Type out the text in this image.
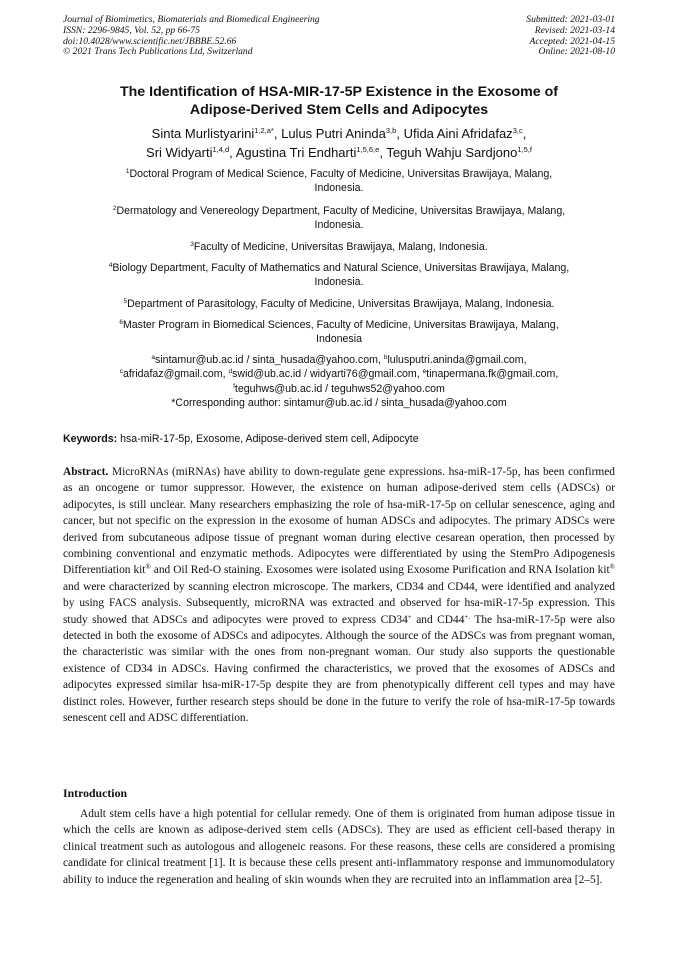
Journal of Biomimetics, Biomaterials and Biomedical Engineering
ISSN: 2296-9845, Vol. 52, pp 66-75
doi:10.4028/www.scientific.net/JBBBE.52.66
© 2021 Trans Tech Publications Ltd, Switzerland
Submitted: 2021-03-01
Revised: 2021-03-14
Accepted: 2021-04-15
Online: 2021-08-10
The Identification of HSA-MIR-17-5P Existence in the Exosome of
Adipose-Derived Stem Cells and Adipocytes
Sinta Murlistyarini$^{1,2,a*}$, Lulus Putri Aninda$^{3,b}$, Ufida Aini Afridafaz$^{3,c}$,
Sri Widyarti$^{1,4,d}$, Agustina Tri Endharti$^{1,5,6,e}$, Teguh Wahju Sardjono$^{1,5,f}$
$^1$Doctoral Program of Medical Science, Faculty of Medicine, Universitas Brawijaya, Malang,
Indonesia.
$^2$Dermatology and Venereology Department, Faculty of Medicine, Universitas Brawijaya, Malang,
Indonesia.
$^3$Faculty of Medicine, Universitas Brawijaya, Malang, Indonesia.
$^4$Biology Department, Faculty of Mathematics and Natural Science, Universitas Brawijaya, Malang,
Indonesia.
$^5$Department of Parasitology, Faculty of Medicine, Universitas Brawijaya, Malang, Indonesia.
$^6$Master Program in Biomedical Sciences, Faculty of Medicine, Universitas Brawijaya, Malang,
Indonesia
$^a$sintamur@ub.ac.id / sinta_husada@yahoo.com, $^b$lulusputri.aninda@gmail.com,
$^c$afridafaz@gmail.com, $^d$swid@ub.ac.id / widyarti76@gmail.com, $^e$tinapermana.fk@gmail.com,
$^f$teguhws@ub.ac.id / teguhws52@yahoo.com
*Corresponding author: sintamur@ub.ac.id / sinta_husada@yahoo.com
Keywords: hsa-miR-17-5p, Exosome, Adipose-derived stem cell, Adipocyte
Abstract. MicroRNAs (miRNAs) have ability to down-regulate gene expressions. hsa-miR-17-5p, has been confirmed as an oncogene or tumor suppressor. However, the existence on human adipose-derived stem cells (ADSCs) or adipocytes, is still unclear. Many researchers emphasizing the role of hsa-miR-17-5p on cellular senescence, aging and cancer, but not specific on the expression in the exosome of human ADSCs and adipocytes. The primary ADSCs were derived from subcutaneous adipose tissue of pregnant woman during elective cesarean operation, then processed by combining conventional and enzymatic methods. Adipocytes were differentiated by using the StemPro Adipogenesis Differentiation kit® and Oil Red-O staining. Exosomes were isolated using Exosome Purification and RNA Isolation kit® and were characterized by scanning electron microscope. The markers, CD34 and CD44, were identified and analyzed by using FACS analysis. Subsequently, microRNA was extracted and observed for hsa-miR-17-5p expression. This study showed that ADSCs and adipocytes were proved to express CD34+ and CD44+. The hsa-miR-17-5p were also detected in both the exosome of ADSCs and adipocytes. Although the source of the ADSCs was from pregnant woman, the characteristic was similar with the ones from non-pregnant woman. Our study also supports the questionable existence of CD34 in ADSCs. Having confirmed the characteristics, we proved that the exosomes of ADSCs and adipocytes expressed similar hsa-miR-17-5p despite they are from phenotypically different cell types and may have distinct roles. However, further research steps should be done in the future to verify the role of hsa-miR-17-5p towards senescent cell and ADSC differentiation.
Introduction
Adult stem cells have a high potential for cellular remedy. One of them is originated from human adipose tissue in which the cells are known as adipose-derived stem cells (ADSCs). They are used as efficient cell-based therapy in clinical treatment such as autologous and allogeneic reasons. For these reasons, these cells are considered a promising candidate for clinical treatment [1]. It is because these cells present anti-inflammatory response and immunomodulatory ability to induce the regeneration and healing of skin wounds when they are recruited into an inflammation area [2–5].
